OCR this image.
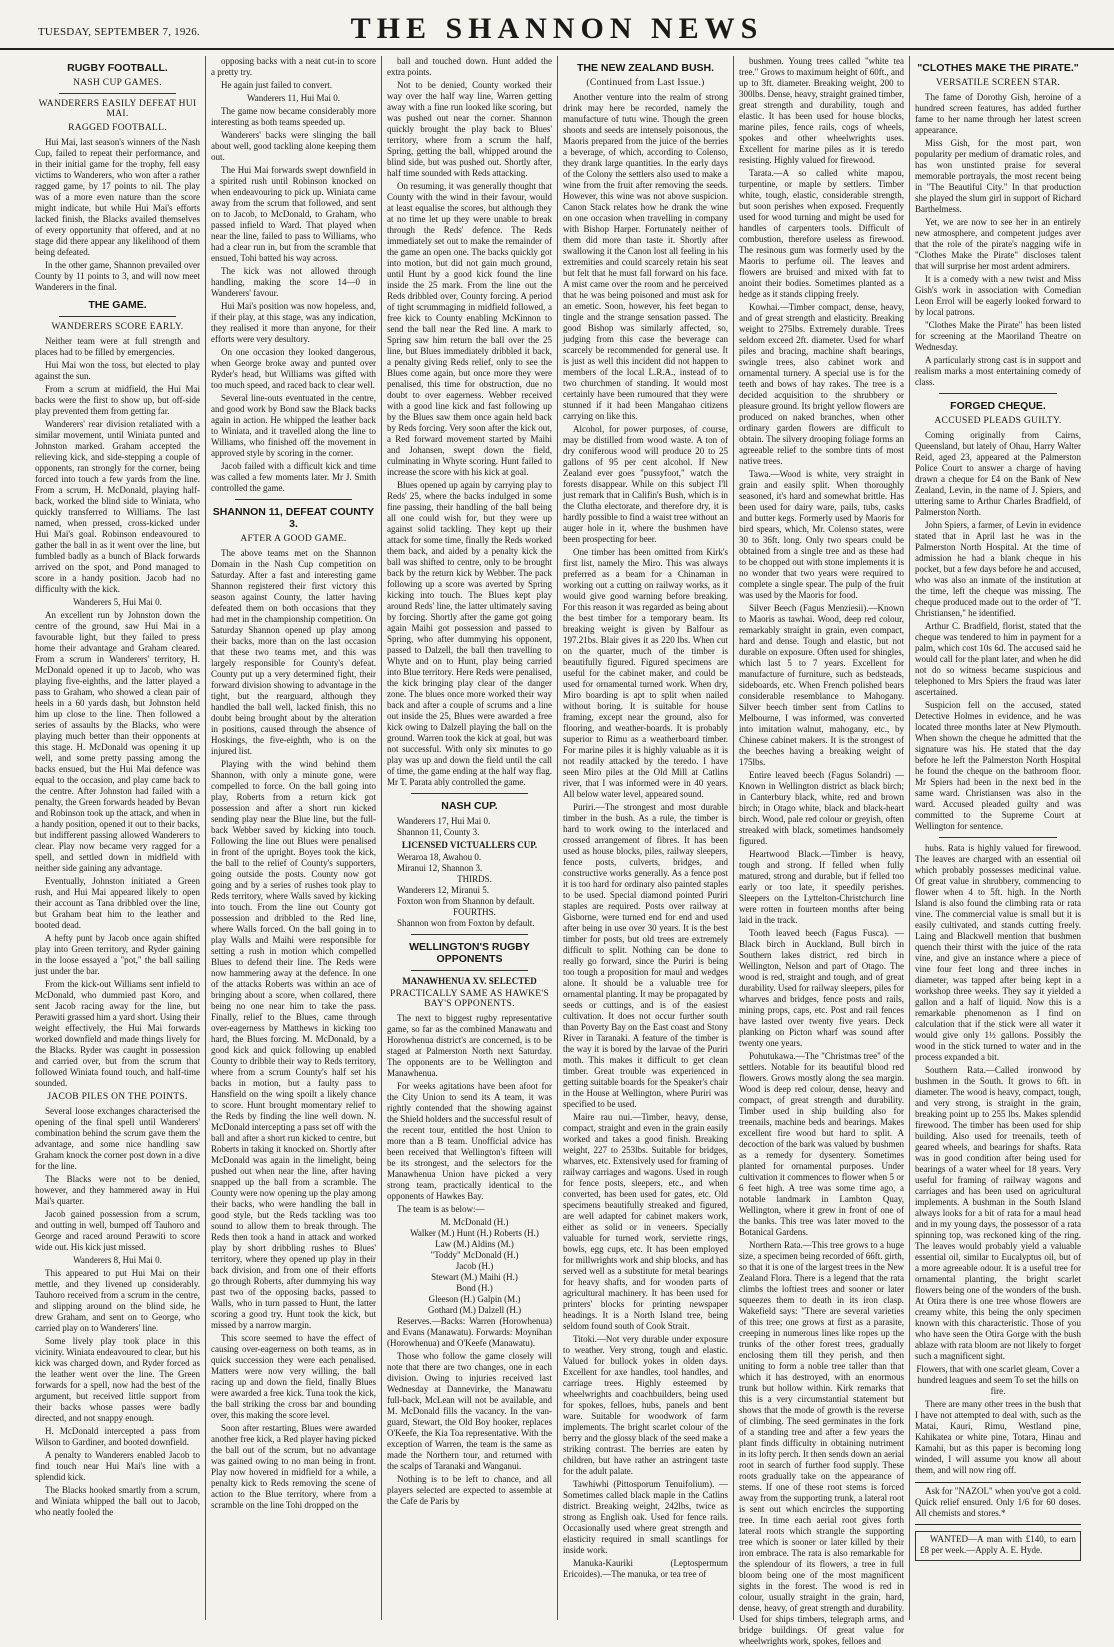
TUESDAY, SEPTEMBER 7, 1926.	THE SHANNON NEWS
RUGBY FOOTBALL.
NASH CUP GAMES.
WANDERERS EASILY DEFEAT HUI MAI.
RAGGED FOOTBALL.

Hui Mai, last season's winners of the Nash Cup, failed to repeat their performance, and in their initial game for the trophy, fell easy victims to Wanderers, who won after a rather ragged game, by 17 points to nil. The play was of a more even nature than the score might indicate, but while Hui Mai's efforts lacked finish, the Blacks availed themselves of every opportunity that offered, and at no stage did there appear any likelihood of them being defeated.

In the other game, Shannon prevailed over County by 11 points to 3, and will now meet Wanderers in the final.

THE GAME.
WANDERERS SCORE EARLY.

Neither team were at full strength and places had to be filled by emergencies.

Hui Mai won the toss, but elected to play against the sun.

From a scrum at midfield, the Hui Mai backs were the first to show up, but off-side play prevented them from getting far.

Wanderers' rear division retaliated with a similar movement, until Winiata punted and Johnston marked. Graham accepted the relieving kick, and side-stepping a couple of opponents, ran strongly for the corner, being forced into touch a few yards from the line. From a scrum, H. McDonald, playing half-back, worked the blind side to Winiata, who quickly transferred to Williams. The last named, when pressed, cross-kicked under Hui Mai's goal. Robinson endeavoured to gather the ball in as it went over the line, but fumbled badly as a bunch of Black forwards arrived on the spot, and Pond managed to score in a handy position. Jacob had no difficulty with the kick.

Wanderers 5, Hui Mai 0.

An excellent run by Johnston down the centre of the ground, saw Hui Mai in a favourable light, but they failed to press home their advantage and Graham cleared. From a scrum in Wanderers' territory, H. McDonald opened it up to Jacob, who was playing five-eighths, and the latter played a pass to Graham, who showed a clean pair of heels in a 60 yards dash, but Johnston held him up close to the line. Then followed a series of assaults by the Blacks, who were playing much better than their opponents at this stage. H. McDonald was opening it up well, and some pretty passing among the backs ensued, but the Hui Mai defence was equal to the occasion, and play came back to the centre. After Johnston had failed with a penalty, the Green forwards headed by Bevan and Robinson took up the attack, and when in a handy position, opened it out to their backs, but indifferent passing allowed Wanderers to clear. Play now became very ragged for a spell, and settled down in midfield with neither side gaining any advantage.

Eventually, Johnston initiated a Green rush, and Hui Mai appeared likely to open their account as Tana dribbled over the line, but Graham beat him to the leather and booted dead.

A hefty punt by Jacob once again shifted play into Green territory, and Ryder gaining in the loose essayed a "pot," the ball sailing just under the bar.

From the kick-out Williams sent infield to McDonald, who dummied past Koro, and sent Jacob racing away for the line, but Perawiti grassed him a yard short. Using their weight effectively, the Hui Mai forwards worked downfield and made things lively for the Blacks. Ryder was caught in possession and carried over, but from the scrum that followed Winiata found touch, and half-time sounded.

JACOB PILES ON THE POINTS.

Several loose exchanges characterised the opening of the final spell until Wanderers' combination behind the scrum gave them the advantage, and some nice handling saw Graham knock the corner post down in a dive for the line.

The Blacks were not to be denied, however, and they hammered away in Hui Mai's quarter.

Jacob gained possession from a scrum, and outting in well, bumped off Tauhoro and George and raced around Perawiti to score wide out. His kick just missed.

Wanderers 8, Hui Mai 0.

This appeared to put Hui Mai on their mettle, and they livened up considerably. Tauhoro received from a scrum in the centre, and slipping around on the blind side, he drew Graham, and sent on to George, who carried play on to Wanderers' line.

Some lively play took place in this vicinity. Winiata endeavoured to clear, but his kick was charged down, and Ryder forced as the leather went over the line. The Green forwards for a spell, now had the best of the argument, but received little support from their backs whose passes were badly directed, and not snappy enough.

H. McDonald intercepted a pass from Wilson to Gardiner, and booted downfield.

A penalty to Wanderers enabled Jacob to find touch near Hui Mai's line with a splendid kick.

The Blacks hooked smartly from a scrum, and Winiata whipped the ball out to Jacob, who neatly fooled the

opposing backs with a neat cut-in to score a pretty try.

He again just failed to convert.

Wanderers 11, Hui Mai 0.

The game now became considerably more interesting as both teams speeded up.

Wanderers' backs were slinging the ball about well, good tackling alone keeping them out.

The Hui Mai forwards swept downfield in a spirited rush until Robinson knocked on when endeavouring to pick up. Winiata came away from the scrum that followed, and sent on to Jacob, to McDonald, to Graham, who passed infield to Ward. That played when near the line, failed to pass to Williams, who had a clear run in, but from the scramble that ensued, Tohi batted his way across.

The kick was not allowed through handling, making the score 14—0 in Wanderers' favour.

Hui Mai's position was now hopeless, and, if their play, at this stage, was any indication, they realised it more than anyone, for their efforts were very desultory.

On one occasion they looked dangerous, when George broke away and punted over Ryder's head, but Williams was gifted with too much speed, and raced back to clear well.

Several line-outs eventuated in the centre, and good work by Bond saw the Black backs again in action. He whipped the leather back to Winiata, and it travelled along the line to Williams, who finished off the movement in approved style by scoring in the corner.

Jacob failed with a difficult kick and time was called a few moments later. Mr J. Smith controlled the game.

SHANNON 11, DEFEAT COUNTY 3.
AFTER A GOOD GAME.

The above teams met on the Shannon Domain in the Nash Cup competition on Saturday. After a fast and interesting game Shannon registered their first victory this season against County, the latter having defeated them on both occasions that they had met in the championship competition. On Saturday Shannon opened up play among their backs, more than on the last occasion that these two teams met, and this was largely responsible for County's defeat. County put up a very determined fight, their forward division showing to advantage in the tight, but the rearguard, although they handled the ball well, lacked finish, this no doubt being brought about by the alteration in positions, caused through the absence of Hoskings, the five-eighth, who is on the injured list.

Playing with the wind behind them Shannon, with only a minute gone, were compelled to force. On the ball going into play, Roberts from a return kick got possession and after a short run kicked sending play near the Blue line, but the full-back Webber saved by kicking into touch. Following the line out Blues were penalised in front of the upright. Boyes took the kick, the ball to the relief of County's supporters, going outside the posts. County now got going and by a series of rushes took play to Reds territory, where Walls saved by kicking into touch. From the line out County got possession and dribbled to the Red line, where Walls forced. On the ball going in to play Walls and Maihi were responsible for setting a rush in motion which compelled Blues to defend their line. The Reds were now hammering away at the defence. In one of the attacks Roberts was within an ace of bringing about a score, when collared, there being no one near him to take the pass. Finally, relief to the Blues, came through over-eagerness by Matthews in kicking too hard, the Blues forcing. M. McDonald, by a good kick and quick following up enabled County to dribble their way to Reds territory, where from a scrum County's half set his backs in motion, but a faulty pass to Hansfield on the wing spoilt a likely chance to score. Hunt brought momentary relief to the Reds by finding the line well down. N. McDonald intercepting a pass set off with the ball and after a short run kicked to centre, but Roberts in taking it knocked on. Shortly after McDonald was again in the limelight, being pushed out when near the line, after having snapped up the ball from a scramble. The County were now opening up the play among their backs, who were handling the ball in good style, but the Reds tackling was too sound to allow them to break through. The Reds then took a hand in attack and worked play by short dribbling rushes to Blues' territory, where they opened up play in their back division, and from one of their efforts go through Roberts, after dummying his way past two of the opposing backs, passed to Walls, who in turn passed to Hunt, the latter scoring a good try. Hunt took the kick, but missed by a narrow margin.

This score seemed to have the effect of causing over-eagerness on both teams, as in quick succession they were each penalised. Matters were now very willing, the ball racing up and down the field, finally Blues were awarded a free kick. Tuna took the kick, the ball striking the cross bar and bounding over, this making the score level.

Soon after restarting, Blues were awarded another free kick, a Red player having picked the ball out of the scrum, but no advantage was gained owing to no man being in front. Play now hovered in midfield for a while, a penalty kick to Reds removing the scene of action to the Blue territory, where from a scramble on the line Tohi dropped on the

ball and touched down. Hunt added the extra points.

Not to be denied, County worked their way over the half way line, Warren getting away with a fine run looked like scoring, but was pushed out near the corner. Shannon quickly brought the play back to Blues' territory, where from a scrum the half, Spring, getting the ball, whipped around the blind side, but was pushed out. Shortly after, half time sounded with Reds attacking.

On resuming, it was generally thought that County with the wind in their favour, would at least equalise the scores, but although they at no time let up they were unable to break through the Reds' defence. The Reds immediately set out to make the remainder of the game an open one. The backs quickly got into motion, but did not gain much ground, until Hunt by a good kick found the line inside the 25 mark. From the line out the Reds dribbled over, County forcing. A period of tight scrummaging in midfield followed, a free kick to County enabling McKinnon to send the ball near the Red line. A mark to Spring saw him return the ball over the 25 line, but Blues immediately dribbled it back, a penalty giving Reds relief, only to see the Blues come again, but once more they were penalised, this time for obstruction, due no doubt to over eagerness. Webber received with a good line kick and fast following up by the Blues saw them once again held back by Reds forcing. Very soon after the kick out, a Red forward movement started by Maihi and Johansen, swept down the field, culminating in Whyte scoring. Hunt failed to increase the score with his kick at goal.

Blues opened up again by carrying play to Reds' 25, where the backs indulged in some fine passing, their handling of the ball being all one could wish for, but they were up against solid tackling. They kept up their attack for some time, finally the Reds worked them back, and aided by a penalty kick the ball was shifted to centre, only to be brought back by the return kick by Webber. The pack following up a score was averted by Spring kicking into touch. The Blues kept play around Reds' line, the latter ultimately saving by forcing. Shortly after the game got going again Maihi got possession and passed to Spring, who after dummying his opponent, passed to Dalzell, the ball then travelling to Whyte and on to Hunt, play being carried into Blue territory. Here Reds were penalised, the kick bringing play clear of the danger zone. The blues once more worked their way back and after a couple of scrums and a line out inside the 25, Blues were awarded a free kick owing to Dalzell playing the ball on the ground. Warren took the kick at goal, but was not successful. With only six minutes to go play was up and down the field until the call of time, the game ending at the half way flag. Mr T. Parata ably controlled the game.

NASH CUP.

Wanderers 17, Hui Mai 0.

Shannon 11, County 3.

LICENSED VICTUALLERS CUP.

Weraroa 18, Awahou 0.

Miranui 12, Shannon 3.

THIRDS.

Wanderers 12, Miranui 5.

Foxton won from Shannon by default.

FOURTHS.

Shannon won from Foxton by default.

WELLINGTON'S RUGBY OPPONENTS
MANAWHENUA XV. SELECTED
PRACTICALLY SAME AS HAWKE'S BAY'S OPPONENTS.

The next to biggest rugby representative game, so far as the combined Manawatu and Horowhenua district's are concerned, is to be staged at Palmerston North next Saturday. The opponents are to be Wellington and Manawhenua.

For weeks agitations have been afoot for the City Union to send its A team, it was rightly contended that the showing against the Shield holders and the successful result of the recent tour, entitled the host Union to more than a B team. Unofficial advice has been received that Wellington's fifteen will be its strongest, and the selectors for the Manawhenua Union have picked a very strong team, practically identical to the opponents of Hawkes Bay.

The team is as below:—

M. McDonald (H.)

Walker (M.) Hunt (H.) Roberts (H.)

Law (M.) Aldins (M.)

"Toddy" McDonald (H.)

Jacob (H.)

Stewart (M.) Maihi (H.)

Bond (H.)

Gleeson (H.) Galpin (M.)

Gothard (M.) Dalzell (H.)

Reserves.—Backs: Warren (Horowhenua) and Evans (Manawatu). Forwards: Moynihan (Horowhenua) and O'Keefe (Manawatu).

Those who follow the game closely will note that there are two changes, one in each division. Owing to injuries received last Wednesday at Dannevirke, the Manawatu full-back, McLean will not be available, and M. McDonald fills the vacancy. In the van-guard, Stewart, the Old Boy hooker, replaces O'Keefe, the Kia Toa representative. With the exception of Warren, the team is the same as made the Northern tour, and returned with the scalps of Taranaki and Wanganui.

Nothing is to be left to chance, and all players selected are expected to assemble at the Cafe de Paris by

THE NEW ZEALAND BUSH.
(Continued from Last Issue.)

Another venture into the realm of strong drink may here be recorded, namely the manufacture of tutu wine. Though the green shoots and seeds are intensely poisonous, the Maoris prepared from the juice of the berries a beverage, of which, according to Colenso, they drank large quantities. In the early days of the Colony the settlers also used to make a wine from the fruit after removing the seeds. However, this wine was not above suspicion. Canon Stack relates how he drank the wine on one occasion when travelling in company with Bishop Harper. Fortunately neither of them did more than taste it. Shortly after swallowing it the Canon lost all feeling in his extremities and could scarcely retain his seat but felt that he must fall forward on his face. A mist came over the room and he perceived that he was being poisoned and must ask for an emetic. Soon, however, his feet began to tingle and the strange sensation passed. The good Bishop was similarly affected, so, judging from this case the beverage can scarcely be recommended for general use. It is just as well this incident did not happen to members of the local L.R.A., instead of to two churchmen of standing. It would most certainly have been rumoured that they were stunned if it had been Mangahao citizens carrying on like this.

Alcohol, for power purposes, of course, may be distilled from wood waste. A ton of dry coniferous wood will produce 20 to 25 gallons of 95 per cent alcohol. If New Zealand ever goes "pussyfoot," watch the forests disappear. While on this subject I'll just remark that in Califin's Bush, which is in the Clutha electorate, and therefore dry, it is hardly possible to find a waist tree without an auger hole in it, where the bushmen have been prospecting for beer.

One timber has been omitted from Kirk's first list, namely the Miro. This was always preferred as a beam for a Chinaman in working out a cutting on railway works, as it would give good warning before breaking. For this reason it was regarded as being about the best timber for a temporary beam. Its breaking weight is given by Balfour as 197.21bs. Blair gives it as 220 lbs. When cut on the quarter, much of the timber is beautifully figured. Figured specimens are useful for the cabinet maker, and could be used for ornamental turned work. When dry, Miro boarding is apt to split when nailed without boring. It is suitable for house framing, except near the ground, also for flooring, and weather-boards. It is probably superior to Rimu as a weatherboard timber. For marine piles it is highly valuable as it is not readily attacked by the teredo. I have seen Miro piles at the Old Mill at Catlins river, that I was informed were in 40 years. All below water level, appeared sound.

Puriri.—The strongest and most durable timber in the bush. As a rule, the timber is hard to work owing to the interlaced and crossed arrangement of fibres. It has been used as house blocks, piles, railway sleepers, fence posts, culverts, bridges, and constructive works generally. As a fence post it is too hard for ordinary also painted staples to be used. Special diamond pointed Puriri staples are required. Posts over railway at Gisborne, were turned end for end and used after being in use over 30 years. It is the best timber for posts, but old trees are extremely difficult to split. Nothing can be done to really go forward, since the Puriri is being too tough a proposition for maul and wedges alone. It should be a valuable tree for ornamental planting. It may be propagated by seeds or cuttings, and is of the easiest cultivation. It does not occur further south than Poverty Bay on the East coast and Stony River in Taranaki. A feature of the timber is the way it is bored by the larvae of the Puriri moth. This makes it difficult to get clean timber. Great trouble was experienced in getting suitable boards for the Speaker's chair in the House at Wellington, where Puriri was specified to be used.

Maire rau nui.—Timber, heavy, dense, compact, straight and even in the grain easily worked and takes a good finish. Breaking weight, 227 to 253lbs. Suitable for bridges, wharves, etc. Extensively used for framing of railway carriages and wagons. Used in rough for fence posts, sleepers, etc., and when converted, has been used for gates, etc. Old specimens beautifully streaked and figured, are well adapted for cabinet makers work, either as solid or in veneers. Specially valuable for turned work, serviette rings, bowls, egg cups, etc. It has been employed for millwrights work and ship blocks, and has served well as a substitute for metal bearings for heavy shafts, and for wooden parts of agricultural machinery. It has been used for printers' blocks for printing newspaper headings. It is a North Island tree, being seldom found south of Cook Strait.

Titoki.—Not very durable under exposure to weather. Very strong, tough and elastic. Valued for bullock yokes in olden days. Excellent for axe handles, tool handles, and carriage trees. Highly esteemed by wheelwrights and coachbuilders, being used for spokes, felloes, hubs, panels and bent ware. Suitable for woodwork of farm implements. The bright scarlet colour of the berry and the glossy black of the seed make a striking contrast. The berries are eaten by children, but have rather an astringent taste for the adult palate.

Tawhiwhi (Pittosporum Tenuifolium). —Sometimes called black maple in the Catlins district. Breaking weight, 242lbs, twice as strong as English oak. Used for fence rails. Occasionally used where great strength and elasticity required in small scantlings for inside work.

Manuka-Kauriki (Leptospermum Ericoides).—The manuka, or tea tree of

bushmen. Young trees called "white tea tree." Grows to maximum height of 60ft., and up to 3ft. diameter. Breaking weight, 200 to 300lbs. Dense, heavy, straight grained timber, great strength and durability, tough and elastic. It has been used for house blocks, marine piles, fence rails, cogs of wheels, spokes and other wheelwrights uses. Excellent for marine piles as it is teredo resisting. Highly valued for firewood.

Tarata.—A so called white mapou, turpentine, or maple by settlers. Timber white, tough, elastic, considerable strength, but soon perishes when exposed. Frequently used for wood turning and might be used for handles of carpenters tools. Difficult of combustion, therefore useless as firewood. The resinous gum was formerly used by the Maoris to perfume oil. The leaves and flowers are bruised and mixed with fat to anoint their bodies. Sometimes planted as a hedge as it stands clipping freely.

Kowhai.—Timber compact, dense, heavy, and of great strength and elasticity. Breaking weight to 275lbs. Extremely durable. Trees seldom exceed 2ft. diameter. Used for wharf piles and bracing, machine shaft bearings, swingle trees, also cabinet work and ornamental turnery. A special use is for the teeth and bows of hay rakes. The tree is a decided acquisition to the shrubbery or pleasure ground. Its bright yellow flowers are produced on naked branches, when other ordinary garden flowers are difficult to obtain. The silvery drooping foliage forms an agreeable relief to the sombre tints of most native trees.

Tawa.—Wood is white, very straight in grain and easily split. When thoroughly seasoned, it's hard and somewhat brittle. Has been used for dairy ware, pails, tubs, casks and butter kegs. Formerly used by Maoris for bird spears, which, Mr. Colenso states, were 30 to 36ft. long. Only two spears could be obtained from a single tree and as these had to be chopped out with stone implements it is no wonder that two years were required to complete a single spear. The pulp of the fruit was used by the Maoris for food.

Silver Beech (Fagus Menziesii).—Known to Maoris as tawhai. Wood, deep red colour, remarkably straight in grain, even compact, hard and dense. Tough and elastic, but not durable on exposure. Often used for shingles, which last 5 to 7 years. Excellent for manufacture of furniture, such as bedsteads, sideboards, etc. When French polished bears considerable resemblance to Mahogany. Silver beech timber sent from Catlins to Melbourne, I was informed, was converted into imitation walnut, mahogany, etc., by Chinese cabinet makers. It is the strongest of the beeches having a breaking weight of 175lbs.

Entire leaved beech (Fagus Solandri) —Known in Wellington district as black birch; in Canterbury black, white, red and brown birch; in Otago white, black and black-heart birch. Wood, pale red colour or greyish, often streaked with black, sometimes handsomely figured.

Heartwood Black.—Timber is heavy, tough and strong. If felled when fully matured, strong and durable, but if felled too early or too late, it speedily perishes. Sleepers on the Lyttelton-Christchurch line were rotten in fourteen months after being laid in the track.

Tooth leaved beech (Fagus Fusca). —Black birch in Auckland, Bull birch in Southern lakes district, red birch in Wellington, Nelson and part of Otago. The wood is red, straight and tough, and of great durability. Used for railway sleepers, piles for wharves and bridges, fence posts and rails, mining props, caps, etc. Post and rail fences have lasted over twenty five years. Deck planking on Picton wharf was sound after twenty one years.

Pohutukawa.—The "Christmas tree" of the settlers. Notable for its beautiful blood red flowers. Grows mostly along the sea margin. Wood is deep red colour, dense, heavy and compact, of great strength and durability. Timber used in ship building also for treenails, machine beds and bearings. Makes excellent fire wood but hard to split. A decoction of the bark was valued by bushmen as a remedy for dysentery. Sometimes planted for ornamental purposes. Under cultivation it commences to flower when 5 or 6 feet high. A tree was some time ago, a notable landmark in Lambton Quay, Wellington, where it grew in front of one of the banks. This tree was later moved to the Botanical Gardens.

Northern Rata.—This tree grows to a huge size, a specimen being recorded of 66ft. girth, so that it is one of the largest trees in the New Zealand Flora. There is a legend that the rata climbs the loftiest trees and sooner or later squeezes them to death in its iron clasp. Wakefield says: "There are several varieties of this tree; one grows at first as a parasite, creeping in numerous lines like ropes up the trunks of the other forest trees, gradually enclosing them till they perish, and then uniting to form a noble tree taller than that which it has destroyed, with an enormous trunk but hollow within. Kirk remarks that this is a very circumstantial statement but shows that the mode of growth is the reverse of climbing. The seed germinates in the fork of a standing tree and after a few years the plant finds difficulty in obtaining nutriment in its lofty perch. It then sends down an aerial root in search of further food supply. These roots gradually take on the appearance of stems. If one of these root stems is forced away from the supporting trunk, a lateral root is sent out which encircles the supporting tree. In time each aerial root gives forth lateral roots which strangle the supporting tree which is sooner or later killed by their iron embrace. The rata is also remarkable for the splendour of its flowers, a tree in full bloom being one of the most magnificent sights in the forest. The wood is red in colour, usually straight in the grain, hard, dense, heavy, of great strength and durability. Used for ships timbers, telegraph arms, and bridge buildings. Of great value for wheelwrights work, spokes, felloes and

"CLOTHES MAKE THE PIRATE."
VERSATILE SCREEN STAR.

The fame of Dorothy Gish, heroine of a hundred screen features, has added further fame to her name through her latest screen appearance.

Miss Gish, for the most part, won popularity per medium of dramatic roles, and has won unstinted praise for several memorable portrayals, the most recent being in "The Beautiful City." In that production she played the slum girl in support of Richard Barthelmess.

Yet, we are now to see her in an entirely new atmosphere, and competent judges aver that the role of the pirate's nagging wife in "Clothes Make the Pirate" discloses talent that will surprise her most ardent admirers.

It is a comedy with a new twist and Miss Gish's work in association with Comedian Leon Errol will be eagerly looked forward to by local patrons.

"Clothes Make the Pirate" has been listed for screening at the Maoriland Theatre on Wednesday.

A particularly strong cast is in support and realism marks a most entertaining comedy of class.

FORGED CHEQUE.
ACCUSED PLEADS GUILTY.

Coming originally from Cairns, Queensland, but lately of Ohau, Harry Walter Reid, aged 23, appeared at the Palmerston Police Court to answer a charge of having drawn a cheque for £4 on the Bank of New Zealand, Levin, in the name of J. Spiers, and uttering same to Arthur Charles Bradfield, of Palmerston North.

John Spiers, a farmer, of Levin in evidence stated that in April last he was in the Palmerston North Hospital. At the time of admission he had a blank cheque in his pocket, but a few days before he and accused, who was also an inmate of the institution at the time, left the cheque was missing. The cheque produced made out to the order of "T. Christiansen," he identified.

Arthur C. Bradfield, florist, stated that the cheque was tendered to him in payment for a palm, which cost 10s 6d. The accused said he would call for the plant later, and when he did not do so witness became suspicious and telephoned to Mrs Spiers the fraud was later ascertained.

Suspicion fell on the accused, stated Detective Holmes in evidence, and he was located three months later at New Plymouth. When shown the cheque he admitted that the signature was his. He stated that the day before he left the Palmerston North Hospital he found the cheque on the bathroom floor. Mr Spiers had been in the next bed in the same ward. Christiansen was also in the ward. Accused pleaded guilty and was committed to the Supreme Court at Wellington for sentence.

hubs. Rata is highly valued for firewood. The leaves are charged with an essential oil which probably possesses medicinal value. Of great value in shrubbery, commencing to flower when 4 to 5ft. high. In the North Island is also found the climbing rata or rata vine. The commercial value is small but it is easily cultivated, and stands cutting freely. Laing and Blackwell mention that bushmen quench their thirst with the juice of the rata vine, and give an instance where a piece of vine four feet long and three inches in diameter, was tapped after being kept in a workshop three weeks. They say it yielded a gallon and a half of liquid. Now this is a remarkable phenomenon as I find on calculation that if the stick were all water it would give only 1½ gallons. Possibly the wood in the stick turned to water and in the process expanded a bit.

Southern Rata.—Called ironwood by bushmen in the South. It grows to 6ft. in diameter. The wood is heavy, compact, tough, and very strong, is straight in the grain, breaking point up to 255 lbs. Makes splendid firewood. The timber has been used for ship building. Also used for treenails, teeth of geared wheels, and bearings for shafts. Rata was in good condition after being used for bearings of a water wheel for 18 years. Very useful for framing of railway wagons and carriages and has been used on agricultural implements. A bushman in the South Island always looks for a bit of rata for a maul head and in my young days, the possessor of a rata spinning top, was reckoned king of the ring. The leaves would probably yield a valuable essential oil, similar to Eucalyptus oil, but of a more agreeable odour. It is a useful tree for ornamental planting, the bright scarlet flowers being one of the wonders of the bush. At Otira there is one tree whose flowers are creamy white, this being the only specimen known with this characteristic. Those of you who have seen the Otira Gorge with the bush ablaze with rata bloom are not likely to forget such a magnificent sight.

Flowers, that with one scarlet gleam, Cover a hundred leagues and seem To set the hills on fire.

There are many other trees in the bush that I have not attempted to deal with, such as the Matai, Kauri, Rimu, Westland pine, Kahikatea or white pine, Totara, Hinau and Kamahi, but as this paper is becoming long winded, I will assume you know all about them, and will now ring off.

Ask for "NAZOL" when you've got a cold. Quick relief ensured. Only 1/6 for 60 doses. All chemists and stores.*

WANTED—A man with £140, to earn £8 per week.—Apply A. E. Hyde.
